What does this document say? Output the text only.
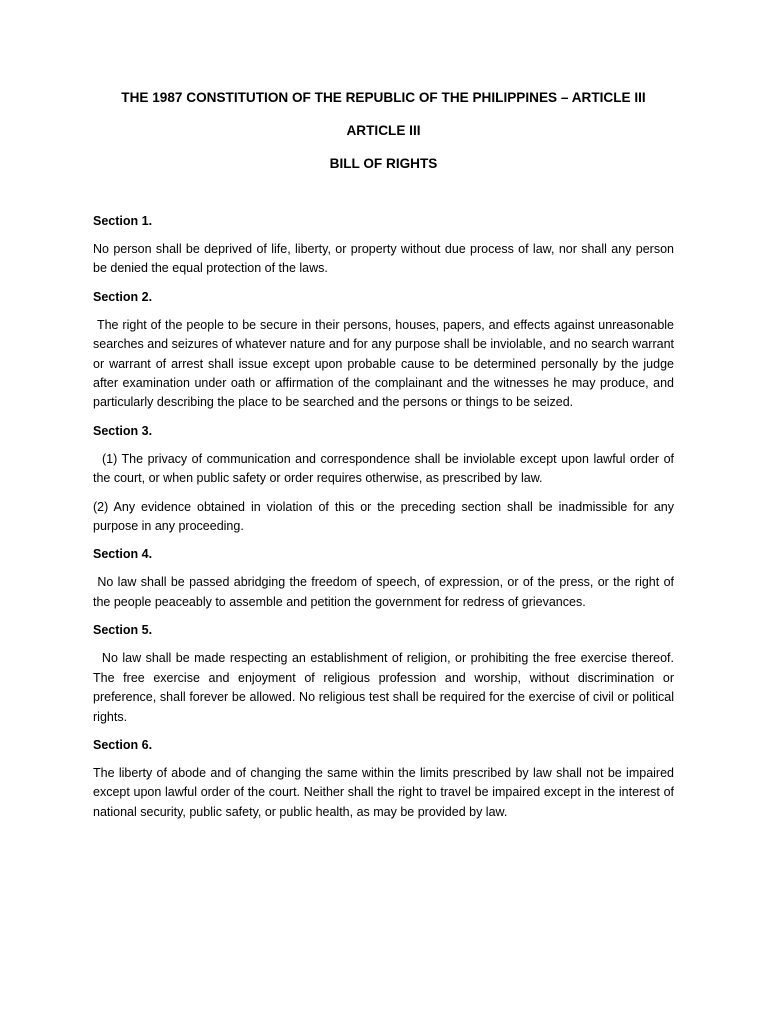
THE 1987 CONSTITUTION OF THE REPUBLIC OF THE PHILIPPINES – ARTICLE III
ARTICLE III
BILL OF RIGHTS

Section 1.

No person shall be deprived of life, liberty, or property without due process of law, nor shall any person be denied the equal protection of the laws.

Section 2.

The right of the people to be secure in their persons, houses, papers, and effects against unreasonable searches and seizures of whatever nature and for any purpose shall be inviolable, and no search warrant or warrant of arrest shall issue except upon probable cause to be determined personally by the judge after examination under oath or affirmation of the complainant and the witnesses he may produce, and particularly describing the place to be searched and the persons or things to be seized.

Section 3.

(1) The privacy of communication and correspondence shall be inviolable except upon lawful order of the court, or when public safety or order requires otherwise, as prescribed by law.

(2) Any evidence obtained in violation of this or the preceding section shall be inadmissible for any purpose in any proceeding.

Section 4.

No law shall be passed abridging the freedom of speech, of expression, or of the press, or the right of the people peaceably to assemble and petition the government for redress of grievances.

Section 5.

No law shall be made respecting an establishment of religion, or prohibiting the free exercise thereof. The free exercise and enjoyment of religious profession and worship, without discrimination or preference, shall forever be allowed. No religious test shall be required for the exercise of civil or political rights.

Section 6.

The liberty of abode and of changing the same within the limits prescribed by law shall not be impaired except upon lawful order of the court. Neither shall the right to travel be impaired except in the interest of national security, public safety, or public health, as may be provided by law.
